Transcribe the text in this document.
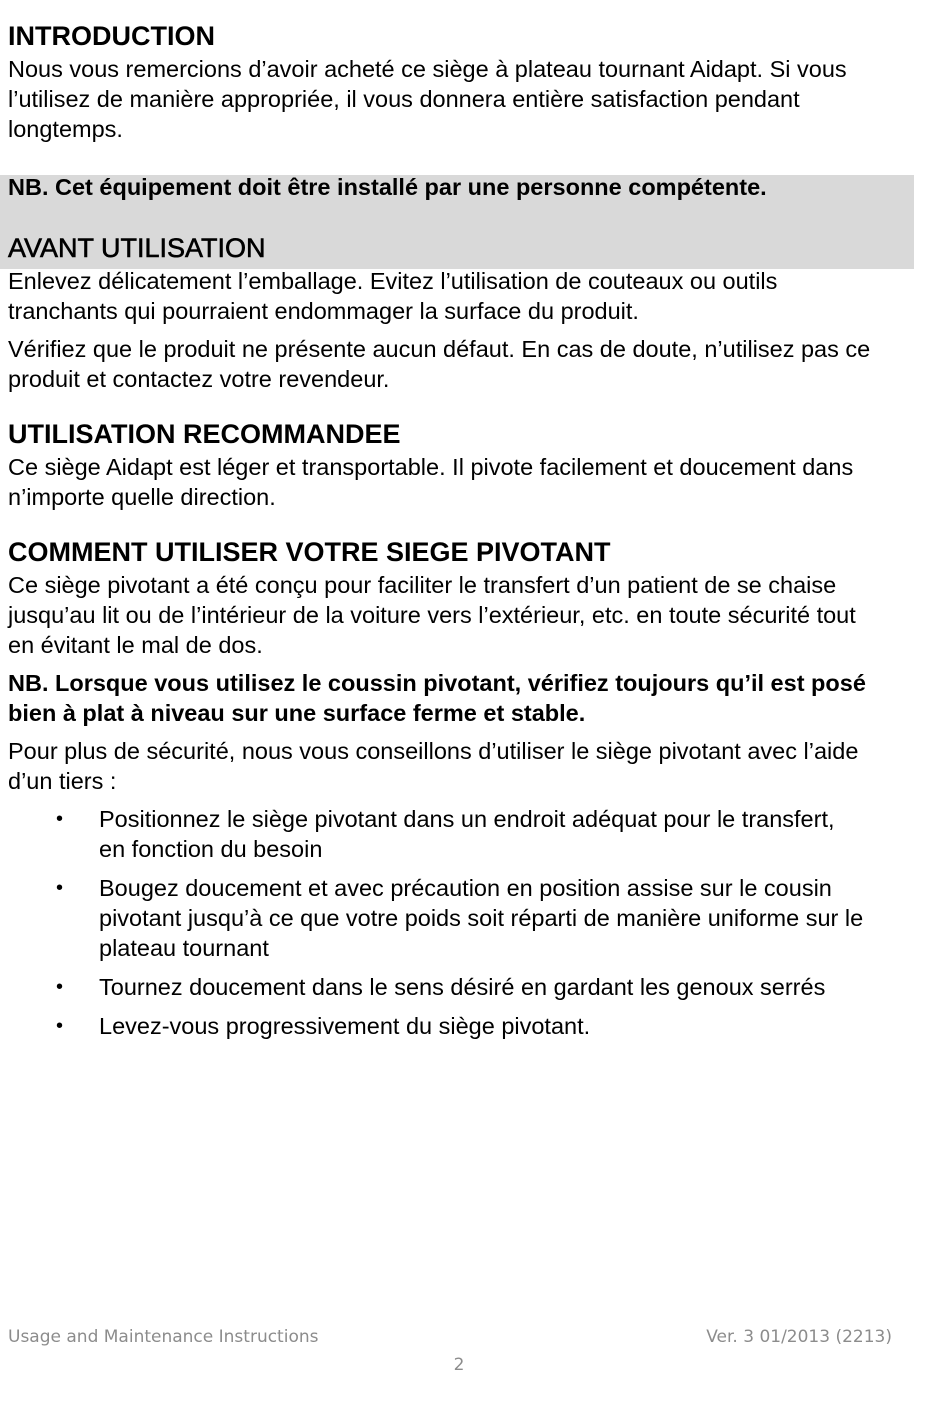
INTRODUCTION

Nous vous remercions d’avoir acheté ce siège à plateau tournant Aidapt. Si vous l’utilisez de manière appropriée, il vous donnera entière satisfaction pendant longtemps.

NB. Cet équipement doit être installé par une personne compétente.

AVANT UTILISATION

Enlevez délicatement l’emballage. Evitez l’utilisation de couteaux ou outils tranchants qui pourraient endommager la surface du produit.

Vérifiez que le produit ne présente aucun défaut. En cas de doute, n’utilisez pas ce produit et contactez votre revendeur.

UTILISATION RECOMMANDEE

Ce siège Aidapt est léger et transportable. Il pivote facilement et doucement dans n’importe quelle direction.

COMMENT UTILISER VOTRE SIEGE PIVOTANT

Ce siège pivotant a été conçu pour faciliter le transfert d’un patient de se chaise jusqu’au lit ou de l’intérieur de la voiture vers l’extérieur, etc. en toute sécurité tout en évitant le mal de dos.

NB. Lorsque vous utilisez le coussin pivotant, vérifiez toujours qu’il est posé bien à plat à niveau sur une surface ferme et stable.

Pour plus de sécurité, nous vous conseillons d’utiliser le siège pivotant avec l’aide d’un tiers :

• Positionnez le siège pivotant dans un endroit adéquat pour le transfert, en fonction du besoin
• Bougez doucement et avec précaution en position assise sur le cousin pivotant jusqu’à ce que votre poids soit réparti de manière uniforme sur le plateau tournant
• Tournez doucement dans le sens désiré en gardant les genoux serrés
• Levez-vous progressivement du siège pivotant.
Usage and Maintenance Instructions	Ver. 3 01/2013 (2213)
2
